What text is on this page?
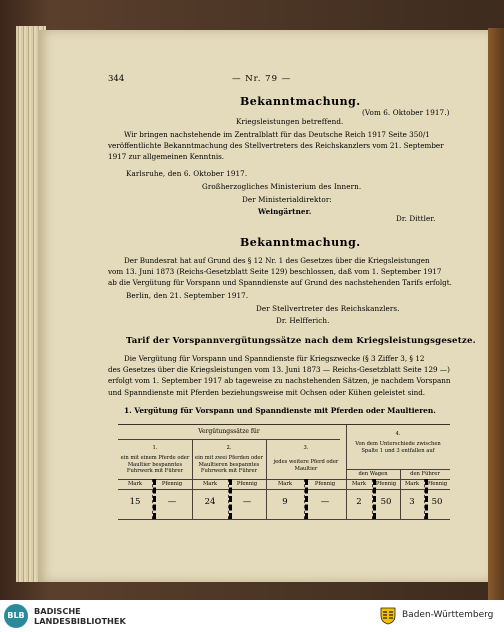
344	— Nr. 79 —
Bekanntmachung.
(Vom 6. Oktober 1917.)
Kriegsleistungen betreffend.
Wir bringen nachstehende im Zentralblatt für das Deutsche Reich 1917 Seite 350/1
veröffentlichte Bekanntmachung des Stellvertreters des Reichskanzlers vom 21. September
1917 zur allgemeinen Kenntnis.
Karlsruhe, den 6. Oktober 1917.
Großherzogliches Ministerium des Innern.
Der Ministerialdirektor:
Weingärtner.
Dr. Dittler.
Bekanntmachung.
Der Bundesrat hat auf Grund des § 12 Nr. 1 des Gesetzes über die Kriegsleistungen
vom 13. Juni 1873 (Reichs-Gesetzblatt Seite 129) beschlossen, daß vom 1. September 1917
ab die Vergütung für Vorspann und Spanndienste auf Grund des nachstehenden Tarifs erfolgt.
Berlin, den 21. September 1917.
Der Stellvertreter des Reichskanzlers.
Dr. Helfferich.
Tarif der Vorspannvergütungssätze nach dem Kriegsleistungsgesetze.
Die Vergütung für Vorspann und Spanndienste für Kriegszwecke (§ 3 Ziffer 3, § 12
des Gesetzes über die Kriegsleistungen vom 13. Juni 1873 — Reichs-Gesetzblatt Seite 129 —)
erfolgt vom 1. September 1917 ab tageweise zu nachstehenden Sätzen, je nachdem Vorspann
und Spanndienste mit Pferden beziehungsweise mit Ochsen oder Kühen geleistet sind.
1. Vergütung für Vorspann und Spanndienste mit Pferden oder Maultieren.
Vergütungssätze für
1.
ein mit einem Pferde oder
Maultier bespanntes
Fuhrwerk mit Führer
2.
ein mit zwei Pferden oder
Maultieren bespanntes
Fuhrwerk mit Führer
3.
jedes weitere Pferd oder
Maultier
4.
Von dem Unterschiede zwischen
Spalte 1 und 3 entfallen auf
den Wagen	den Führer
Mark	Pfennig	Mark	Pfennig	Mark	Pfennig	Mark	Pfennig	Mark	Pfennig
15	—	24	—	9	—	2	50	3	50
BLB	BADISCHE
LANDESBIBLIOTHEK
Baden-Württemberg
